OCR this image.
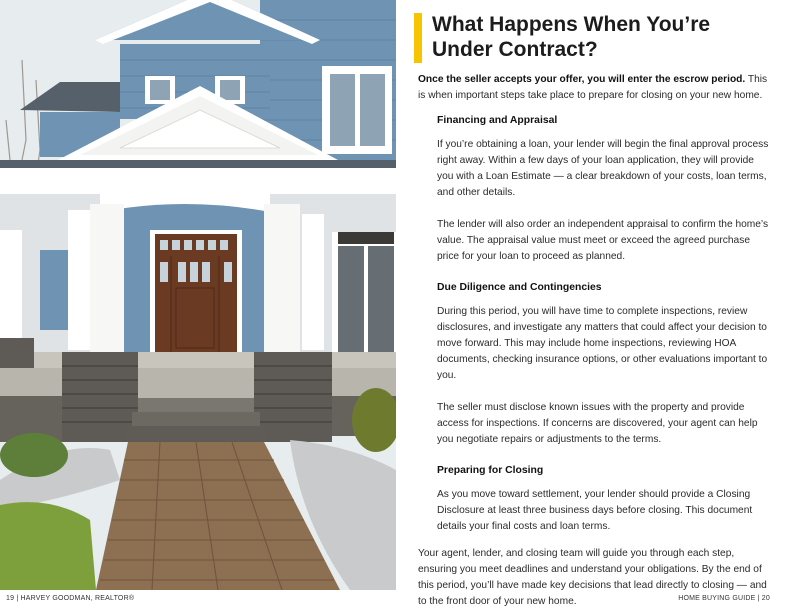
What Happens When You’re Under Contract?

Once the seller accepts your offer, you will enter the escrow period. This is when important steps take place to prepare for closing on your new home.

Financing and Appraisal

If you’re obtaining a loan, your lender will begin the final approval process right away. Within a few days of your loan application, they will provide you with a Loan Estimate — a clear breakdown of your costs, loan terms, and other details.

The lender will also order an independent appraisal to confirm the home’s value. The appraisal value must meet or exceed the agreed purchase price for your loan to proceed as planned.

Due Diligence and Contingencies

During this period, you will have time to complete inspections, review disclosures, and investigate any matters that could affect your decision to move forward. This may include home inspections, reviewing HOA documents, checking insurance options, or other evaluations important to you.

The seller must disclose known issues with the property and provide access for inspections. If concerns are discovered, your agent can help you negotiate repairs or adjustments to the terms.

Preparing for Closing

As you move toward settlement, your lender should provide a Closing Disclosure at least three business days before closing. This document details your final costs and loan terms.

Your agent, lender, and closing team will guide you through each step, ensuring you meet deadlines and understand your obligations. By the end of this period, you’ll have made key decisions that lead directly to closing — and to the front door of your new home.

19 | HARVEY GOODMAN, REALTOR®	HOME BUYING GUIDE | 20
